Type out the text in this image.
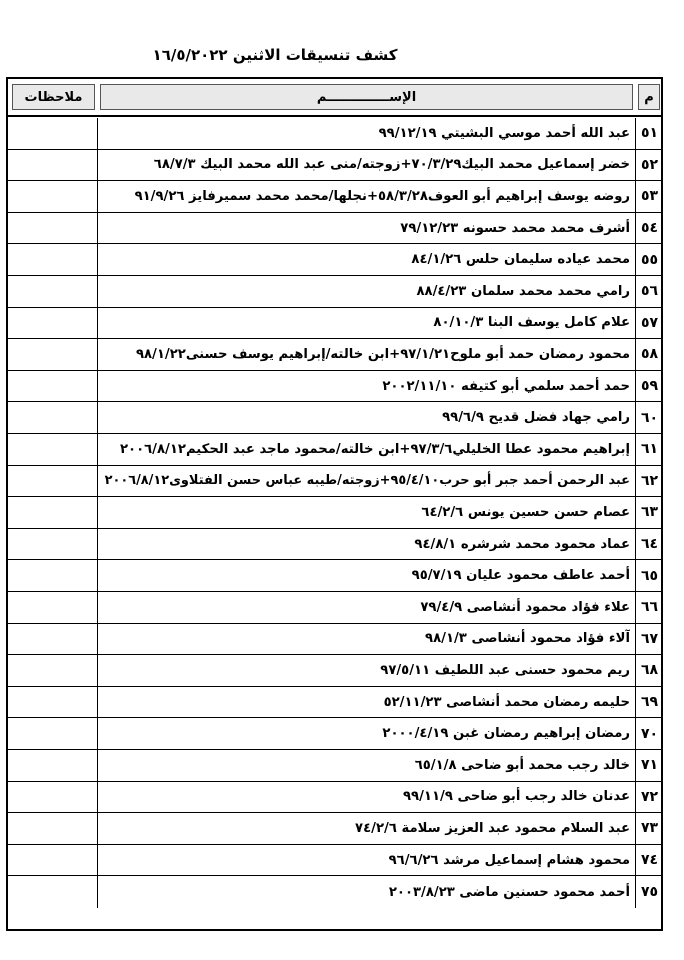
كشف تنسيقات الاثنين ١٦/٥/٢٠٢٢
م
الإســــــــــــــم
ملاحظات
عبد الله أحمد موسي البشيتي ٩٩/١٢/١٩ ٥١
خضر إسماعيل محمد البيك٧٠/٣/٢٩+زوجته/منى عبد الله محمد البيك ٦٨/٧/٣ ٥٢
روضه يوسف إبراهيم أبو العوف٥٨/٣/٢٨+نجلها/محمد محمد سميرفايز ٩١/٩/٢٦ ٥٣
أشرف محمد محمد حسونه ٧٩/١٢/٢٣ ٥٤
محمد عياده سليمان حلس ٨٤/١/٢٦ ٥٥
رامي محمد محمد سلمان ٨٨/٤/٢٣ ٥٦
علام كامل يوسف البنا ٨٠/١٠/٣ ٥٧
محمود رمضان حمد أبو ملوح٩٧/١/٢١+ابن خالته/إبراهيم يوسف حسنى٩٨/١/٢٢ ٥٨
حمد أحمد سلمي أبو كتيفه ٢٠٠٢/١١/١٠ ٥٩
رامي جهاد فضل قديح ٩٩/٦/٩ ٦٠
إبراهيم محمود عطا الخليلي٩٧/٣/٦+ابن خالته/محمود ماجد عبد الحكيم٢٠٠٦/٨/١٢ ٦١
عبد الرحمن أحمد جبر أبو حرب٩٥/٤/١٠+زوجته/طيبه عباس حسن الفتلاوى٢٠٠٦/٨/١٢ ٦٢
عصام حسن حسين يونس ٦٤/٢/٦ ٦٣
عماد محمود محمد شرشره ٩٤/٨/١ ٦٤
أحمد عاطف محمود عليان ٩٥/٧/١٩ ٦٥
علاء فؤاد محمود أنشاصى ٧٩/٤/٩ ٦٦
آلاء فؤاد محمود أنشاصى ٩٨/١/٣ ٦٧
ريم محمود حسنى عبد اللطيف ٩٧/٥/١١ ٦٨
حليمه رمضان محمد أنشاصى ٥٢/١١/٢٣ ٦٩
رمضان إبراهيم رمضان غبن ٢٠٠٠/٤/١٩ ٧٠
خالد رجب محمد أبو ضاحى ٦٥/١/٨ ٧١
عدنان خالد رجب أبو ضاحى ٩٩/١١/٩ ٧٢
عبد السلام محمود عبد العزيز سلامة ٧٤/٢/٦ ٧٣
محمود هشام إسماعيل مرشد ٩٦/٦/٢٦ ٧٤
أحمد محمود حسنين ماضى ٢٠٠٣/٨/٢٣ ٧٥
